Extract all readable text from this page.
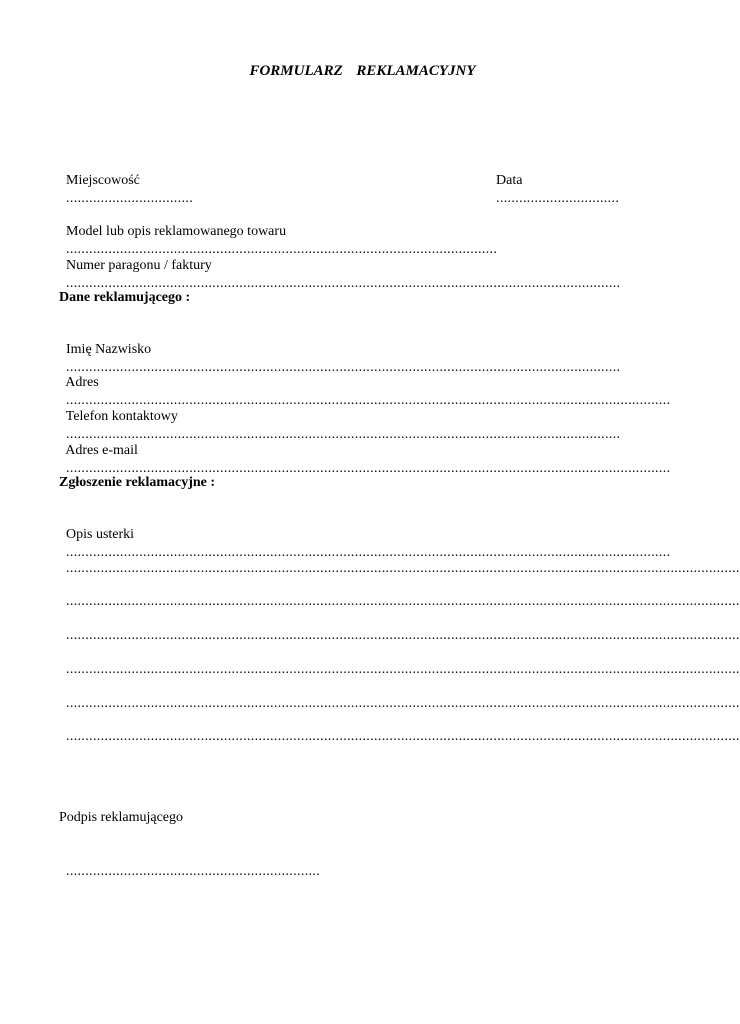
FORMULARZ  REKLAMACYJNY

Miejscowość
.................................

Data
................................

Model lub opis reklamowanego towaru
................................................................................................................

Numer paragonu / faktury
................................................................................................................................................

Dane reklamującego :

Imię Nazwisko
................................................................................................................................................

Adres
.............................................................................................................................................................

Telefon kontaktowy
................................................................................................................................................

Adres e-mail
.............................................................................................................................................................

Zgłoszenie reklamacyjne :

Opis usterki
.............................................................................................................................................................

...............................................................................................................................................................................

...............................................................................................................................................................................

...............................................................................................................................................................................

...............................................................................................................................................................................

...............................................................................................................................................................................

...............................................................................................................................................................................

Podpis reklamującego

..................................................................
